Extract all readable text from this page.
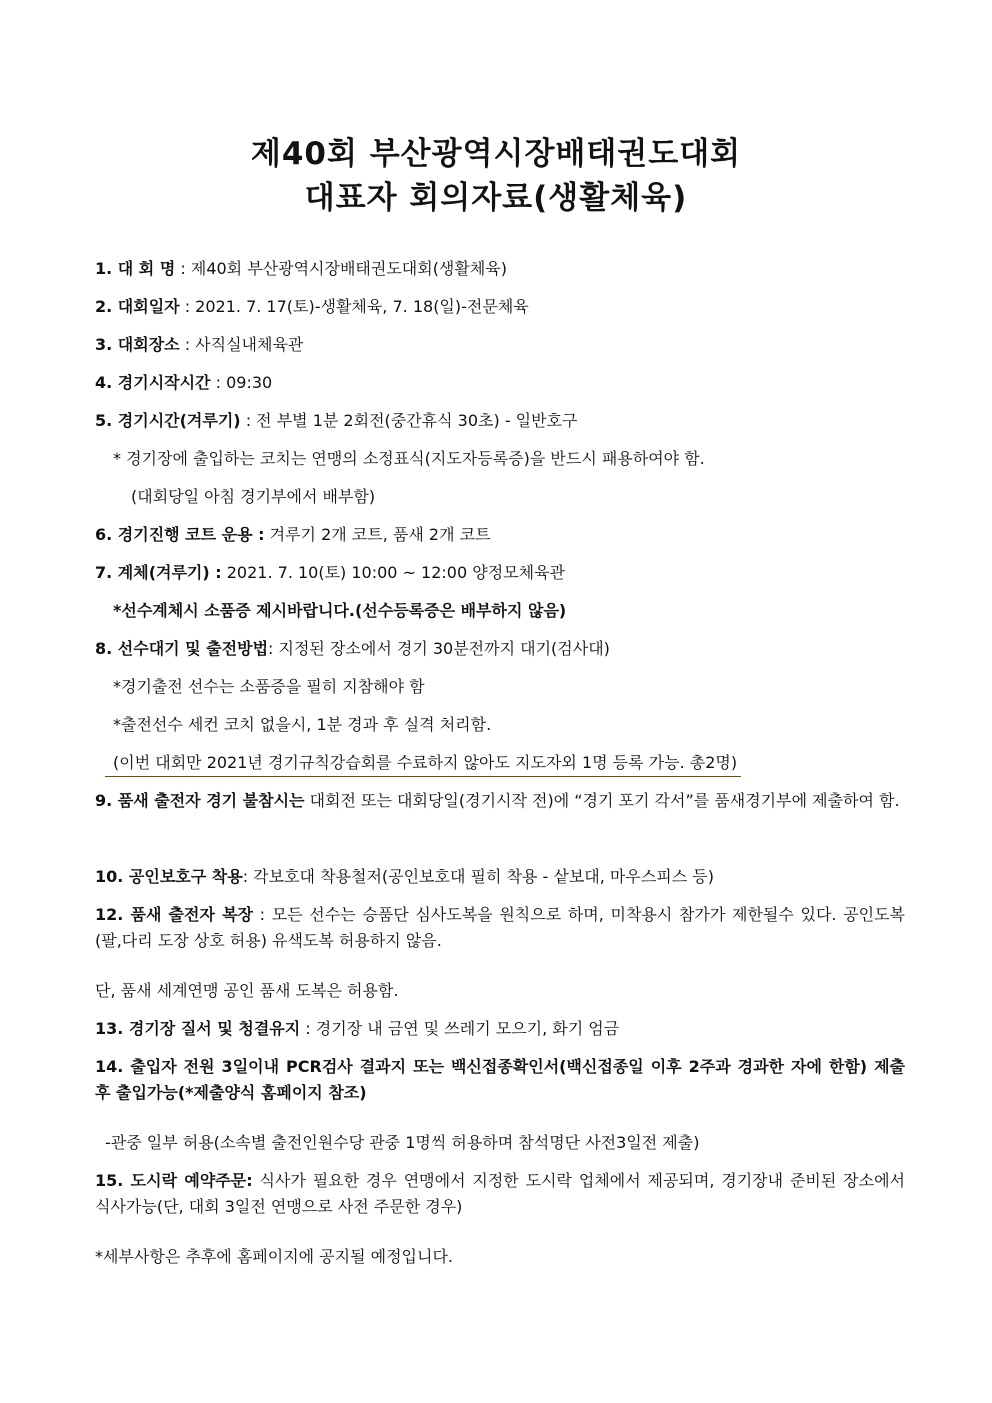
제40회 부산광역시장배태권도대회
대표자 회의자료(생활체육)
1. 대 회 명 : 제40회 부산광역시장배태권도대회(생활체육)
2. 대회일자 : 2021. 7. 17(토)-생활체육, 7. 18(일)-전문체육
3. 대회장소 : 사직실내체육관
4. 경기시작시간 : 09:30
5. 경기시간(겨루기) : 전 부별 1분 2회전(중간휴식 30초) - 일반호구
* 경기장에 출입하는 코치는 연맹의 소정표식(지도자등록증)을 반드시 패용하여야 함.
(대회당일 아침 경기부에서 배부함)
6. 경기진행 코트 운용 : 겨루기 2개 코트, 품새 2개 코트
7. 계체(겨루기) : 2021. 7. 10(토) 10:00 ~ 12:00 양정모체육관
*선수계체시 소품증 제시바랍니다.(선수등록증은 배부하지 않음)
8. 선수대기 및 출전방법: 지정된 장소에서 경기 30분전까지 대기(검사대)
*경기출전 선수는 소품증을 필히 지참해야 함
*출전선수 세컨 코치 없을시, 1분 경과 후 실격 처리함.
(이번 대회만 2021년 경기규칙강습회를 수료하지 않아도 지도자외 1명 등록 가능. 총2명)
9. 품새 출전자 경기 불참시는 대회전 또는 대회당일(경기시작 전)에 “경기 포기 각서”를 품새경기부에 제출하여 함.
10. 공인보호구 착용: 각보호대 착용철저(공인보호대 필히 착용 - 샅보대, 마우스피스 등)
12. 품새 출전자 복장 : 모든 선수는 승품단 심사도복을 원칙으로 하며, 미착용시 참가가 제한될수 있다. 공인도복(팔,다리 도장 상호 허용) 유색도복 허용하지 않음.
단, 품새 세계연맹 공인 품새 도복은 허용함.
13. 경기장 질서 및 청결유지 : 경기장 내 금연 및 쓰레기 모으기, 화기 엄금
14. 출입자 전원 3일이내 PCR검사 결과지 또는 백신접종확인서(백신접종일 이후 2주과 경과한 자에 한함) 제출 후 출입가능(*제출양식 홈페이지 참조)
-관중 일부 허용(소속별 출전인원수당 관중 1명씩 허용하며 참석명단 사전3일전 제출)
15. 도시락 예약주문: 식사가 필요한 경우 연맹에서 지정한 도시락 업체에서 제공되며, 경기장내 준비된 장소에서 식사가능(단, 대회 3일전 연맹으로 사전 주문한 경우)
*세부사항은 추후에 홈페이지에 공지될 예정입니다.
